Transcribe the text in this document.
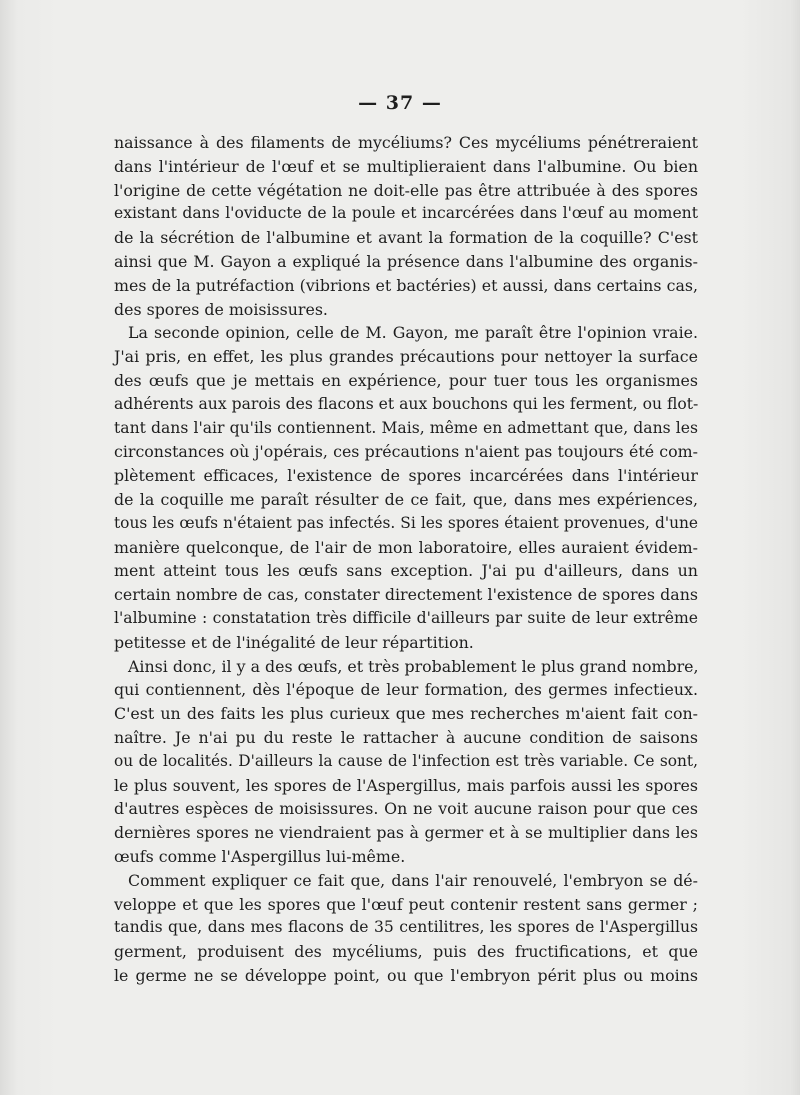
— 37 —
naissance à des filaments de mycéliums? Ces mycéliums pénétreraient
dans l'intérieur de l'œuf et se multiplieraient dans l'albumine. Ou bien
l'origine de cette végétation ne doit-elle pas être attribuée à des spores
existant dans l'oviducte de la poule et incarcérées dans l'œuf au moment
de la sécrétion de l'albumine et avant la formation de la coquille? C'est
ainsi que M. Gayon a expliqué la présence dans l'albumine des organis-
mes de la putréfaction (vibrions et bactéries) et aussi, dans certains cas,
des spores de moisissures.
La seconde opinion, celle de M. Gayon, me paraît être l'opinion vraie.
J'ai pris, en effet, les plus grandes précautions pour nettoyer la surface
des œufs que je mettais en expérience, pour tuer tous les organismes
adhérents aux parois des flacons et aux bouchons qui les ferment, ou flot-
tant dans l'air qu'ils contiennent. Mais, même en admettant que, dans les
circonstances où j'opérais, ces précautions n'aient pas toujours été com-
plètement efficaces, l'existence de spores incarcérées dans l'intérieur
de la coquille me paraît résulter de ce fait, que, dans mes expériences,
tous les œufs n'étaient pas infectés. Si les spores étaient provenues, d'une
manière quelconque, de l'air de mon laboratoire, elles auraient évidem-
ment atteint tous les œufs sans exception. J'ai pu d'ailleurs, dans un
certain nombre de cas, constater directement l'existence de spores dans
l'albumine : constatation très difficile d'ailleurs par suite de leur extrême
petitesse et de l'inégalité de leur répartition.
Ainsi donc, il y a des œufs, et très probablement le plus grand nombre,
qui contiennent, dès l'époque de leur formation, des germes infectieux.
C'est un des faits les plus curieux que mes recherches m'aient fait con-
naître. Je n'ai pu du reste le rattacher à aucune condition de saisons
ou de localités. D'ailleurs la cause de l'infection est très variable. Ce sont,
le plus souvent, les spores de l'Aspergillus, mais parfois aussi les spores
d'autres espèces de moisissures. On ne voit aucune raison pour que ces
dernières spores ne viendraient pas à germer et à se multiplier dans les
œufs comme l'Aspergillus lui-même.
Comment expliquer ce fait que, dans l'air renouvelé, l'embryon se dé-
veloppe et que les spores que l'œuf peut contenir restent sans germer ;
tandis que, dans mes flacons de 35 centilitres, les spores de l'Aspergillus
germent, produisent des mycéliums, puis des fructifications, et que
le germe ne se développe point, ou que l'embryon périt plus ou moins
